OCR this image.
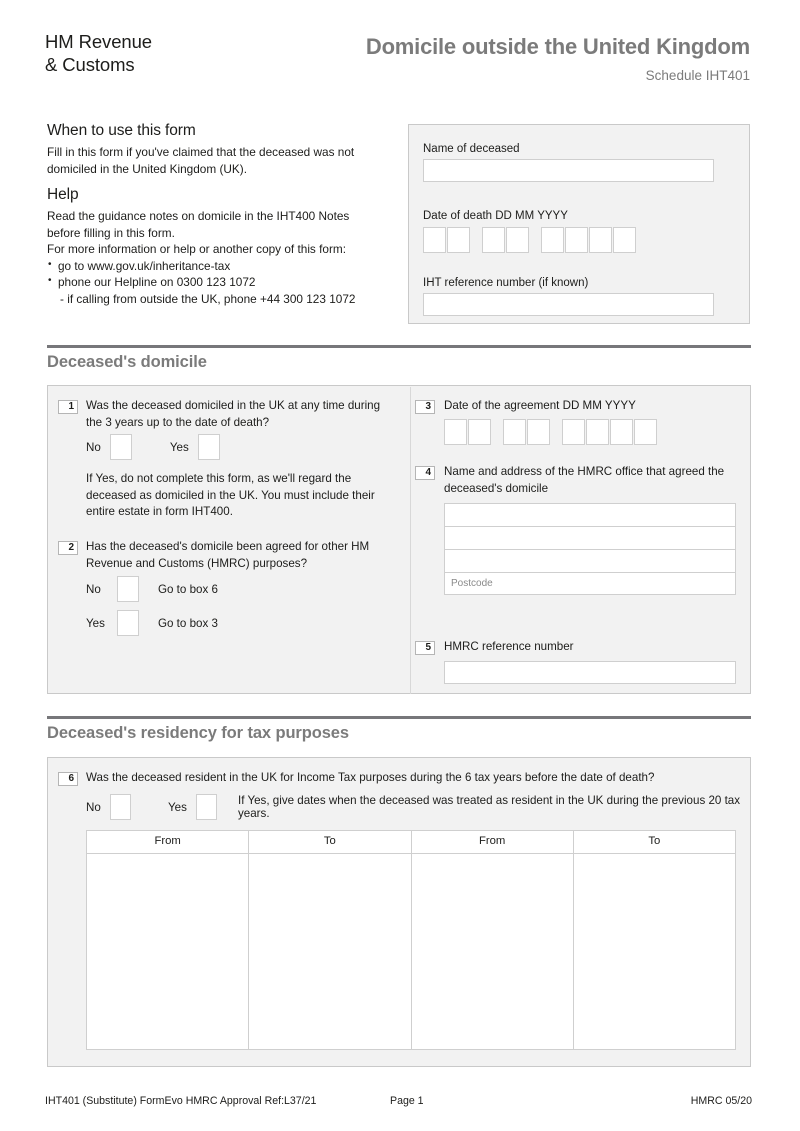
HM Revenue
& Customs
Domicile outside the United Kingdom
Schedule IHT401
When to use this form
Fill in this form if you've claimed that the deceased was not
domiciled in the United Kingdom (UK).
Help
Read the guidance notes on domicile in the IHT400 Notes
before filling in this form.
For more information or help or another copy of this form:
• go to www.gov.uk/inheritance-tax
• phone our Helpline on 0300 123 1072
- if calling from outside the UK, phone +44 300 123 1072
Name of deceased
Date of death DD MM YYYY
IHT reference number (if known)
Deceased's domicile
1	Was the deceased domiciled in the UK at any time during the 3 years up to the date of death?
No	Yes
If Yes, do not complete this form, as we'll regard the deceased as domiciled in the UK. You must include their entire estate in form IHT400.
2	Has the deceased's domicile been agreed for other HM Revenue and Customs (HMRC) purposes?
No	Go to box 6
Yes	Go to box 3
3	Date of the agreement DD MM YYYY
4	Name and address of the HMRC office that agreed the deceased's domicile
Postcode
5	HMRC reference number
Deceased's residency for tax purposes
6	Was the deceased resident in the UK for Income Tax purposes during the 6 tax years before the date of death?
No	Yes	If Yes, give dates when the deceased was treated as resident in the UK during the previous 20 tax years.
From	To	From	To
IHT401 (Substitute) FormEvo HMRC Approval Ref:L37/21	Page 1	HMRC 05/20
